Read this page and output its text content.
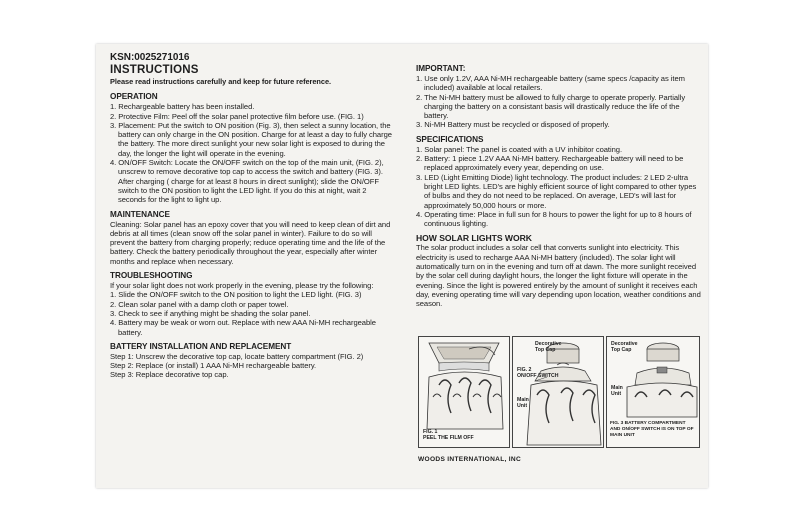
KSN:0025271016
INSTRUCTIONS
Please read instructions carefully and keep for future reference.
OPERATION
1. Rechargeable battery has been installed.
2. Protective Film: Peel off the solar panel protective film before use. (FIG. 1)
3. Placement: Put the switch to ON position (Fig. 3), then select a sunny location, the battery can only charge in the ON position. Charge for at least a day to fully charge the battery. The more direct sunlight your new solar light is exposed to during the day, the longer the light will operate in the evening.
4. ON/OFF Switch: Locate the ON/OFF switch on the top of the main unit, (FIG. 2), unscrew to remove decorative top cap to access the switch and battery (FIG. 3). After charging ( charge for at least 8 hours in direct sunlight); slide the ON/OFF switch to the ON position to light the LED light. If you do this at night, wait 2 seconds for the light to light up.
MAINTENANCE

Cleaning: Solar panel has an epoxy cover that you will need to keep clean of dirt and debris at all times (clean snow off the solar panel in winter). Failure to do so will prevent the battery from charging properly; reduce operating time and the life of the battery. Check the battery periodically throughout the year, especially after winter months and replace when necessary.

TROUBLESHOOTING

If your solar light does not work properly in the evening, please try the following:

1. Slide the ON/OFF switch to the ON position to light the LED light. (FIG. 3)
2. Clean solar panel with a damp cloth or paper towel.
3. Check to see if anything might be shading the solar panel.
4. Battery may be weak or worn out. Replace with new AAA Ni-MH rechargeable battery.
BATTERY INSTALLATION AND REPLACEMENT
Step 1: Unscrew the decorative top cap, locate battery compartment (FIG. 2)
Step 2: Replace (or install) 1 AAA Ni-MH rechargeable battery.
Step 3: Replace decorative top cap.
IMPORTANT:
1. Use only 1.2V, AAA Ni-MH rechargeable battery (same specs /capacity as item included) available at local retailers.
2. The Ni-MH battery must be allowed to fully charge to operate properly. Partially charging the battery on a consistant basis will drastically reduce the life of the battery.
3. Ni-MH Battery must be recycled or disposed of properly.
SPECIFICATIONS
1. Solar panel: The panel is coated with a UV inhibitor coating.
2. Battery: 1 piece 1.2V AAA Ni-MH battery. Rechargeable battery will need to be replaced approximately every year, depending on use.
3. LED (Light Emitting Diode) light technology. The product includes: 2 LED 2-ultra bright LED lights. LED's are highly efficient source of light compared to other types of bulbs and they do not need to be replaced. On average, LED's will last for approximately 50,000 hours or more.
4. Operating time: Place in full sun for 8 hours to power the light for up to 8 hours of continuous lighting.
HOW SOLAR LIGHTS WORK

The solar product includes a solar cell that converts sunlight into electricity. This electricity is used to recharge AAA Ni-MH battery (included). The solar light will automatically turn on in the evening and turn off at dawn. The more sunlight received by the solar cell during daylight hours, the longer the light fixture will operate in the evening. Since the light is powered entirely by the amount of sunlight it receives each day, evening operating time will vary depending upon location, weather conditions and season.

FIG. 1
PEEL THE FILM OFF
Decorative
Top Cap
FIG. 2
ON/OFF SWITCH
Main
Unit
Decorative
Top Cap
Main
Unit
FIG. 3 BATTERY COMPARTMENT
AND ON/OFF SWITCH IS ON TOP OF
MAIN UNIT
WOODS INTERNATIONAL, INC
